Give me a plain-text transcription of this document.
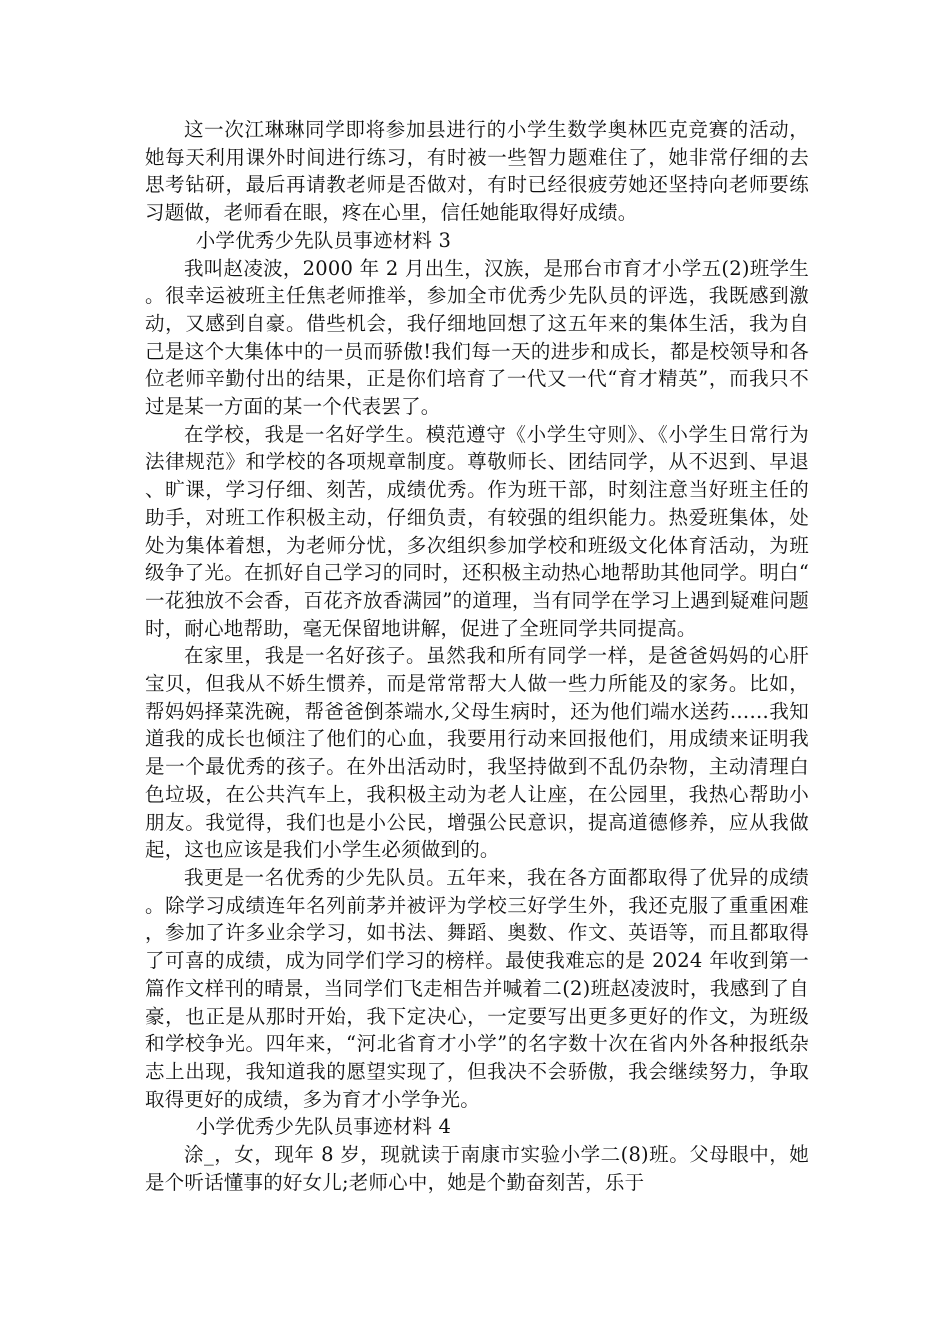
这一次江琳琳同学即将参加县进行的小学生数学奥林匹克竞赛的活动，她每天利用课外时间进行练习，有时被一些智力题难住了，她非常仔细的去思考钻研，最后再请教老师是否做对，有时已经很疲劳她还坚持向老师要练习题做，老师看在眼，疼在心里，信任她能取得好成绩。

小学优秀少先队员事迹材料 3

我叫赵凌波，2000 年 2 月出生，汉族，是邢台市育才小学五(2)班学生。很幸运被班主任焦老师推举，参加全市优秀少先队员的评选，我既感到激动，又感到自豪。借些机会，我仔细地回想了这五年来的集体生活，我为自己是这个大集体中的一员而骄傲!我们每一天的进步和成长，都是校领导和各位老师辛勤付出的结果，正是你们培育了一代又一代“育才精英”，而我只不过是某一方面的某一个代表罢了。

在学校，我是一名好学生。模范遵守《小学生守则》、《小学生日常行为法律规范》和学校的各项规章制度。尊敬师长、团结同学，从不迟到、早退、旷课，学习仔细、刻苦，成绩优秀。作为班干部，时刻注意当好班主任的助手，对班工作积极主动，仔细负责，有较强的组织能力。热爱班集体，处处为集体着想，为老师分忧，多次组织参加学校和班级文化体育活动，为班级争了光。在抓好自己学习的同时，还积极主动热心地帮助其他同学。明白“一花独放不会香，百花齐放香满园”的道理，当有同学在学习上遇到疑难问题时，耐心地帮助，毫无保留地讲解，促进了全班同学共同提高。

在家里，我是一名好孩子。虽然我和所有同学一样，是爸爸妈妈的心肝宝贝，但我从不娇生惯养，而是常常帮大人做一些力所能及的家务。比如，帮妈妈择菜洗碗，帮爸爸倒茶端水,父母生病时，还为他们端水送药……我知道我的成长也倾注了他们的心血，我要用行动来回报他们，用成绩来证明我是一个最优秀的孩子。在外出活动时，我坚持做到不乱仍杂物，主动清理白色垃圾，在公共汽车上，我积极主动为老人让座，在公园里，我热心帮助小朋友。我觉得，我们也是小公民，增强公民意识，提高道德修养，应从我做起，这也应该是我们小学生必须做到的。

我更是一名优秀的少先队员。五年来，我在各方面都取得了优异的成绩。除学习成绩连年名列前茅并被评为学校三好学生外，我还克服了重重困难，参加了许多业余学习，如书法、舞蹈、奥数、作文、英语等，而且都取得了可喜的成绩，成为同学们学习的榜样。最使我难忘的是 2024 年收到第一篇作文样刊的晴景，当同学们飞走相告并喊着二(2)班赵凌波时，我感到了自豪，也正是从那时开始，我下定决心，一定要写出更多更好的作文，为班级和学校争光。四年来，“河北省育才小学”的名字数十次在省内外各种报纸杂志上出现，我知道我的愿望实现了，但我决不会骄傲，我会继续努力，争取取得更好的成绩，多为育才小学争光。

小学优秀少先队员事迹材料 4

涂_，女，现年 8 岁，现就读于南康市实验小学二(8)班。父母眼中，她是个听话懂事的好女儿;老师心中，她是个勤奋刻苦，乐于
